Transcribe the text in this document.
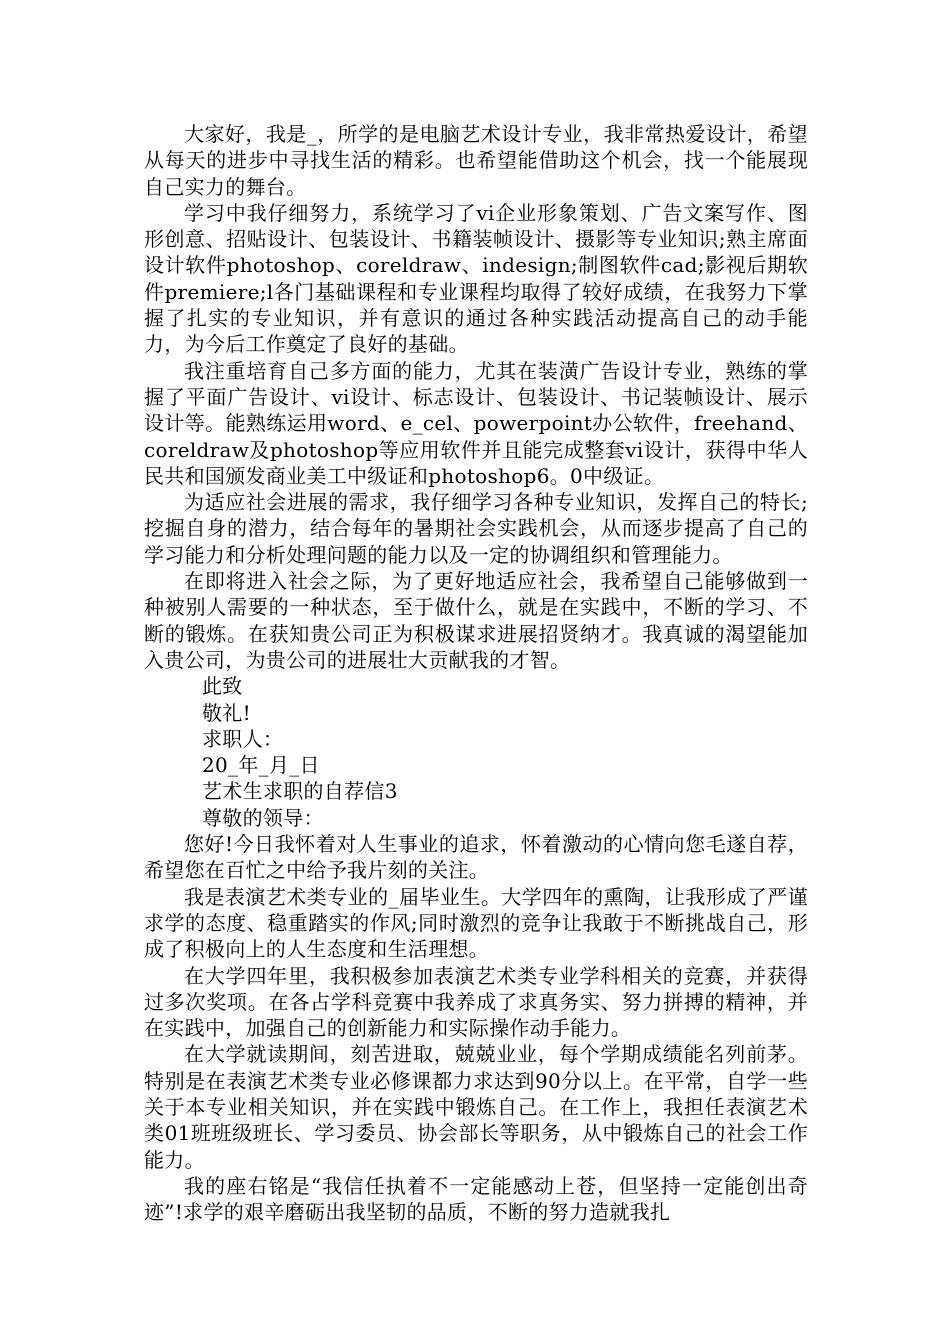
大家好，我是_，所学的是电脑艺术设计专业，我非常热爱设计，希望从每天的进步中寻找生活的精彩。也希望能借助这个机会，找一个能展现自己实力的舞台。

学习中我仔细努力，系统学习了vi企业形象策划、广告文案写作、图形创意、招贴设计、包装设计、书籍装帧设计、摄影等专业知识;熟主席面设计软件photoshop、coreldraw、indesign;制图软件cad;影视后期软件premiere;l各门基础课程和专业课程均取得了较好成绩，在我努力下掌握了扎实的专业知识，并有意识的通过各种实践活动提高自己的动手能力，为今后工作奠定了良好的基础。

我注重培育自己多方面的能力，尤其在装潢广告设计专业，熟练的掌握了平面广告设计、vi设计、标志设计、包装设计、书记装帧设计、展示设计等。能熟练运用word、e_cel、powerpoint办公软件，freehand、coreldraw及photoshop等应用软件并且能完成整套vi设计，获得中华人民共和国颁发商业美工中级证和photoshop6。0中级证。

为适应社会进展的需求，我仔细学习各种专业知识，发挥自己的特长;挖掘自身的潜力，结合每年的暑期社会实践机会，从而逐步提高了自己的学习能力和分析处理问题的能力以及一定的协调组织和管理能力。

在即将进入社会之际，为了更好地适应社会，我希望自己能够做到一种被别人需要的一种状态，至于做什么，就是在实践中，不断的学习、不断的锻炼。在获知贵公司正为积极谋求进展招贤纳才。我真诚的渴望能加入贵公司，为贵公司的进展壮大贡献我的才智。

此致

敬礼!

求职人：

20_年_月_日

艺术生求职的自荐信3

尊敬的领导：

您好!今日我怀着对人生事业的追求，怀着激动的心情向您毛遂自荐，希望您在百忙之中给予我片刻的关注。

我是表演艺术类专业的_届毕业生。大学四年的熏陶，让我形成了严谨求学的态度、稳重踏实的作风;同时激烈的竞争让我敢于不断挑战自己，形成了积极向上的人生态度和生活理想。

在大学四年里，我积极参加表演艺术类专业学科相关的竞赛，并获得过多次奖项。在各占学科竞赛中我养成了求真务实、努力拼搏的精神，并在实践中，加强自己的创新能力和实际操作动手能力。

在大学就读期间，刻苦进取，兢兢业业，每个学期成绩能名列前茅。特别是在表演艺术类专业必修课都力求达到90分以上。在平常，自学一些关于本专业相关知识，并在实践中锻炼自己。在工作上，我担任表演艺术类01班班级班长、学习委员、协会部长等职务，从中锻炼自己的社会工作能力。

我的座右铭是“我信任执着不一定能感动上苍，但坚持一定能创出奇迹”!求学的艰辛磨砺出我坚韧的品质，不断的努力造就我扎
